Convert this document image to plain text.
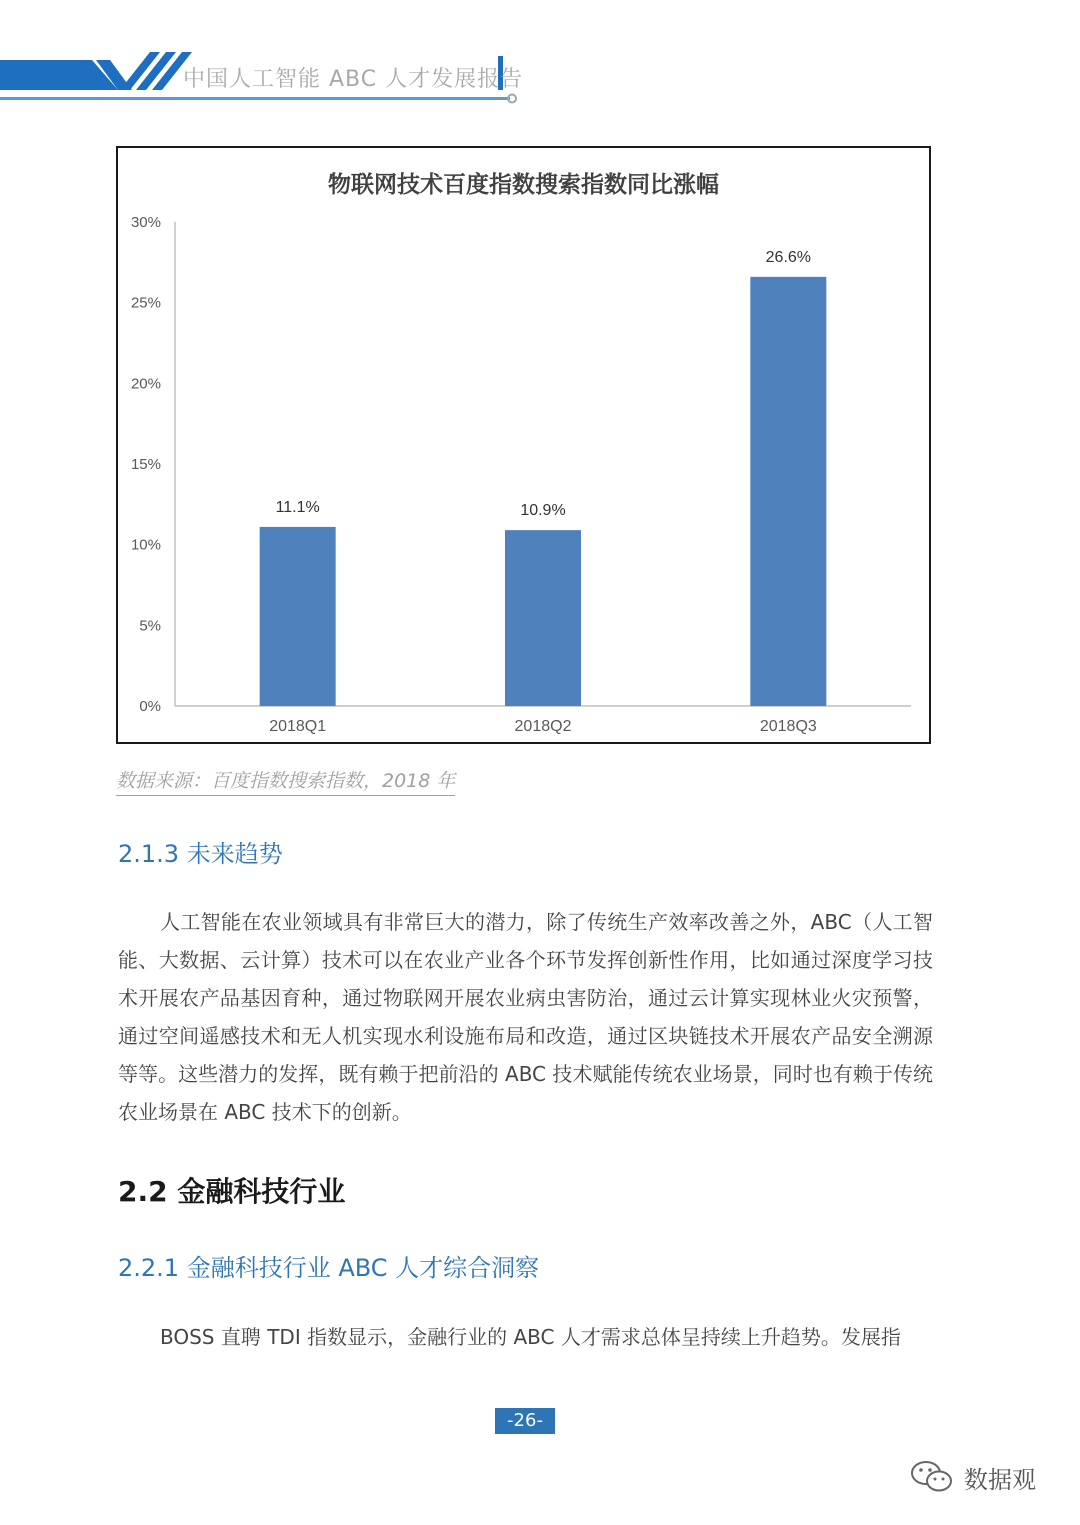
中国人工智能 ABC 人才发展报告
物联网技术百度指数搜索指数同比涨幅
0%
5%
10%
15%
20%
25%
30%
11.1%
2018Q1
10.9%
2018Q2
26.6%
2018Q3
数据来源：百度指数搜索指数，2018 年
2.1.3 未来趋势
人工智能在农业领域具有非常巨大的潜力，除了传统生产效率改善之外，ABC（人工智能、大数据、云计算）技术可以在农业产业各个环节发挥创新性作用，比如通过深度学习技术开展农产品基因育种，通过物联网开展农业病虫害防治，通过云计算实现林业火灾预警，通过空间遥感技术和无人机实现水利设施布局和改造，通过区块链技术开展农产品安全溯源等等。这些潜力的发挥，既有赖于把前沿的 ABC 技术赋能传统农业场景，同时也有赖于传统农业场景在 ABC 技术下的创新。
2.2 金融科技行业
2.2.1 金融科技行业 ABC 人才综合洞察
BOSS 直聘 TDI 指数显示，金融行业的 ABC 人才需求总体呈持续上升趋势。发展指
-26-
数据观
